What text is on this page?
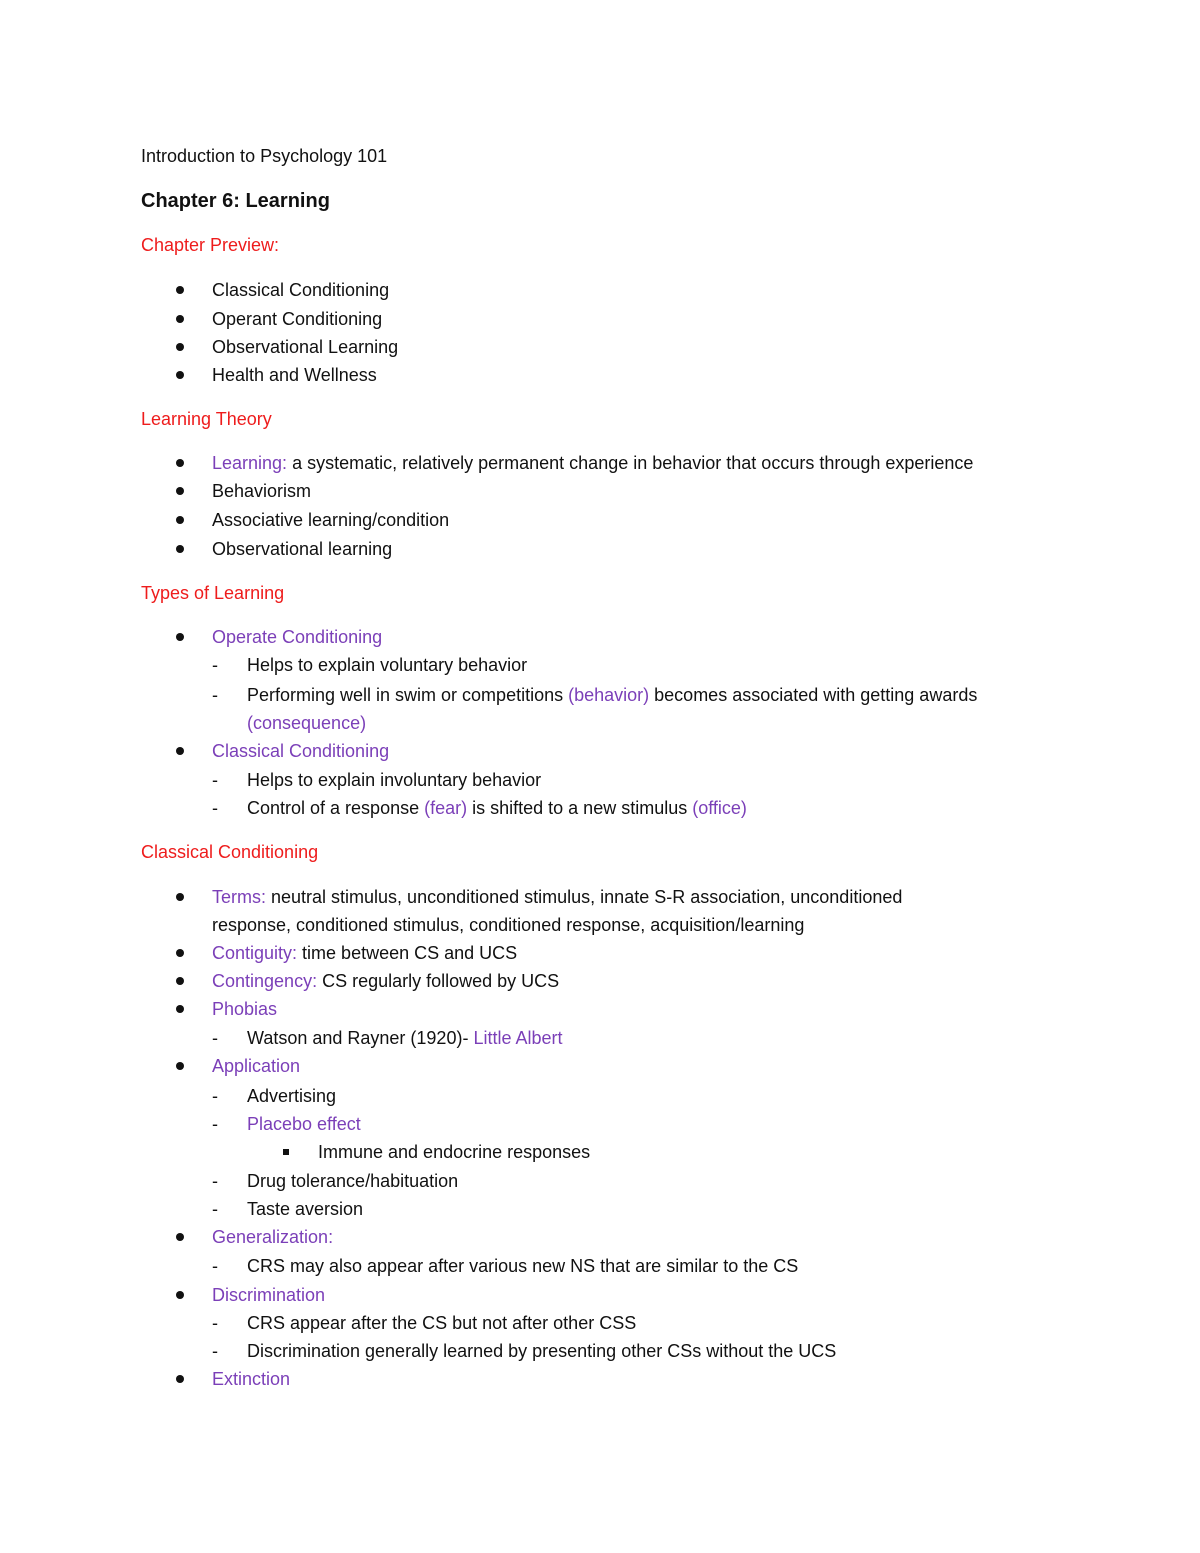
Introduction to Psychology 101
Chapter 6: Learning
Chapter Preview:
Classical Conditioning
Operant Conditioning
Observational Learning
Health and Wellness
Learning Theory
Learning: a systematic, relatively permanent change in behavior that occurs through experience
Behaviorism
Associative learning/condition
Observational learning
Types of Learning
Operate Conditioning
- Helps to explain voluntary behavior
- Performing well in swim or competitions (behavior) becomes associated with getting awards
(consequence)
Classical Conditioning
- Helps to explain involuntary behavior
- Control of a response (fear) is shifted to a new stimulus (office)
Classical Conditioning
Terms: neutral stimulus, unconditioned stimulus, innate S-R association, unconditioned
response, conditioned stimulus, conditioned response, acquisition/learning
Contiguity: time between CS and UCS
Contingency: CS regularly followed by UCS
Phobias
- Watson and Rayner (1920)- Little Albert
Application
- Advertising
- Placebo effect
Immune and endocrine responses
- Drug tolerance/habituation
- Taste aversion
Generalization:
- CRS may also appear after various new NS that are similar to the CS
Discrimination
- CRS appear after the CS but not after other CSS
- Discrimination generally learned by presenting other CSs without the UCS
Extinction
